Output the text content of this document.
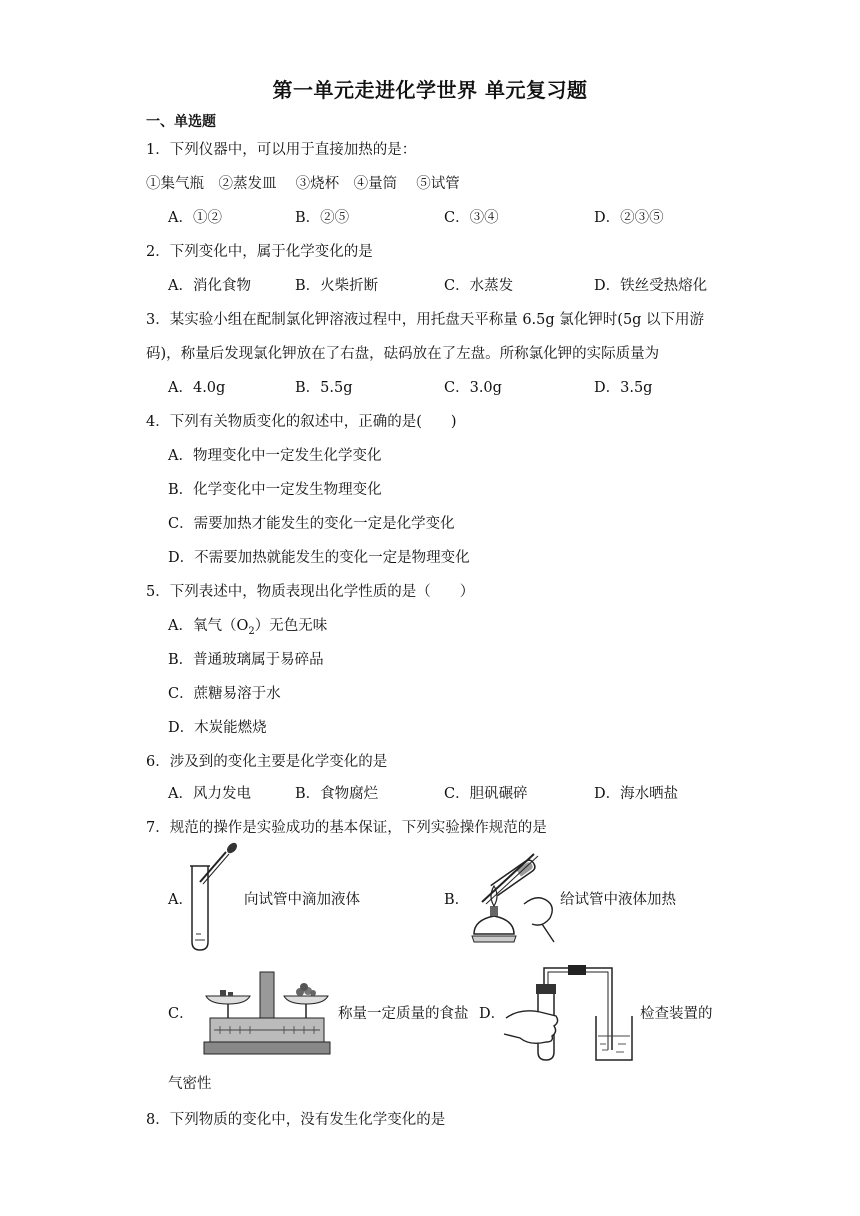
第一单元走进化学世界 单元复习题
一、单选题
1．下列仪器中，可以用于直接加热的是：
①集气瓶　②蒸发皿　 ③烧杯　④量筒　 ⑤试管
A．①②	B．②⑤	C．③④	D．②③⑤
2．下列变化中，属于化学变化的是
A．消化食物	B．火柴折断	C．水蒸发	D．铁丝受热熔化
3．某实验小组在配制氯化钾溶液过程中，用托盘天平称量 6.5g 氯化钾时(5g 以下用游
码)，称量后发现氯化钾放在了右盘，砝码放在了左盘。所称氯化钾的实际质量为
A．4.0g	B．5.5g	C．3.0g	D．3.5g
4．下列有关物质变化的叙述中，正确的是(　　)
A．物理变化中一定发生化学变化
B．化学变化中一定发生物理变化
C．需要加热才能发生的变化一定是化学变化
D．不需要加热就能发生的变化一定是物理变化
5．下列表述中，物质表现出化学性质的是（　　）
A．氧气$(O_2)$无色无味
B．普通玻璃属于易碎品
C．蔗糖易溶于水
D．木炭能燃烧
6．涉及到的变化主要是化学变化的是
A．风力发电	B．食物腐烂	C．胆矾碾碎	D．海水晒盐
7．规范的操作是实验成功的基本保证，下列实验操作规范的是
A．	向试管中滴加液体	B．	给试管中液体加热
C．	称量一定质量的食盐 D．	检查装置的
气密性
8．下列物质的变化中，没有发生化学变化的是
